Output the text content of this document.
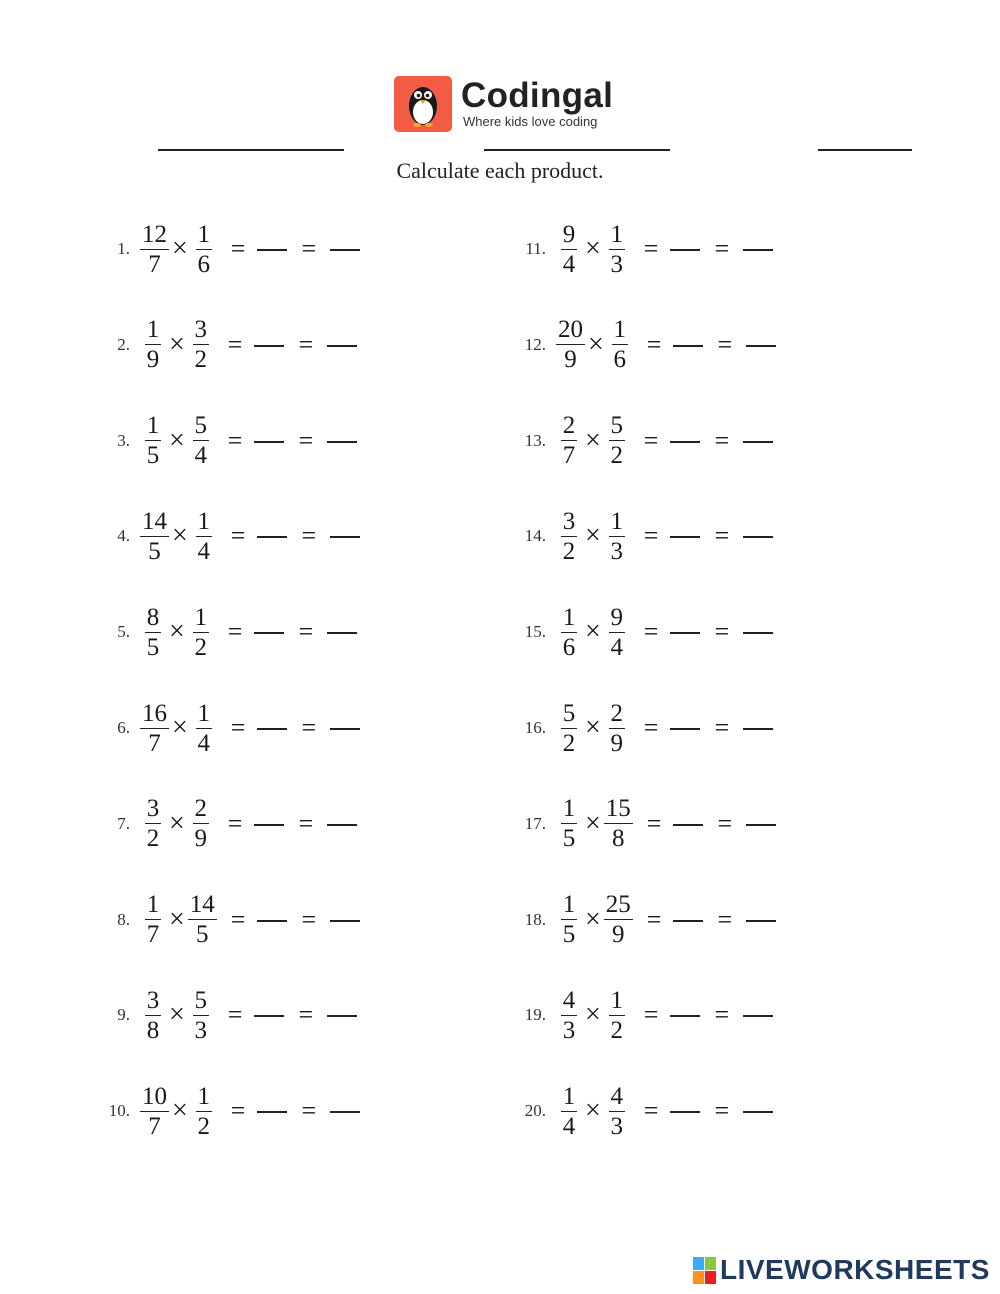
Codingal
Where kids love coding
Calculate each product.
1. $\frac{12}{7} \times \frac{1}{6}$ = =
2. $\frac{1}{9} \times \frac{3}{2}$ = =
3. $\frac{1}{5} \times \frac{5}{4}$ = =
4. $\frac{14}{5} \times \frac{1}{4}$ = =
5. $\frac{8}{5} \times \frac{1}{2}$ = =
6. $\frac{16}{7} \times \frac{1}{4}$ = =
7. $\frac{3}{2} \times \frac{2}{9}$ = =
8. $\frac{1}{7} \times \frac{14}{5}$ = =
9. $\frac{3}{8} \times \frac{5}{3}$ = =
10. $\frac{10}{7} \times \frac{1}{2}$ = =
11. $\frac{9}{4} \times \frac{1}{3}$ = =
12. $\frac{20}{9} \times \frac{1}{6}$ = =
13. $\frac{2}{7} \times \frac{5}{2}$ = =
14. $\frac{3}{2} \times \frac{1}{3}$ = =
15. $\frac{1}{6} \times \frac{9}{4}$ = =
16. $\frac{5}{2} \times \frac{2}{9}$ = =
17. $\frac{1}{5} \times \frac{15}{8}$ = =
18. $\frac{1}{5} \times \frac{25}{9}$ = =
19. $\frac{4}{3} \times \frac{1}{2}$ = =
20. $\frac{1}{4} \times \frac{4}{3}$ = =
LIVEWORKSHEETS
